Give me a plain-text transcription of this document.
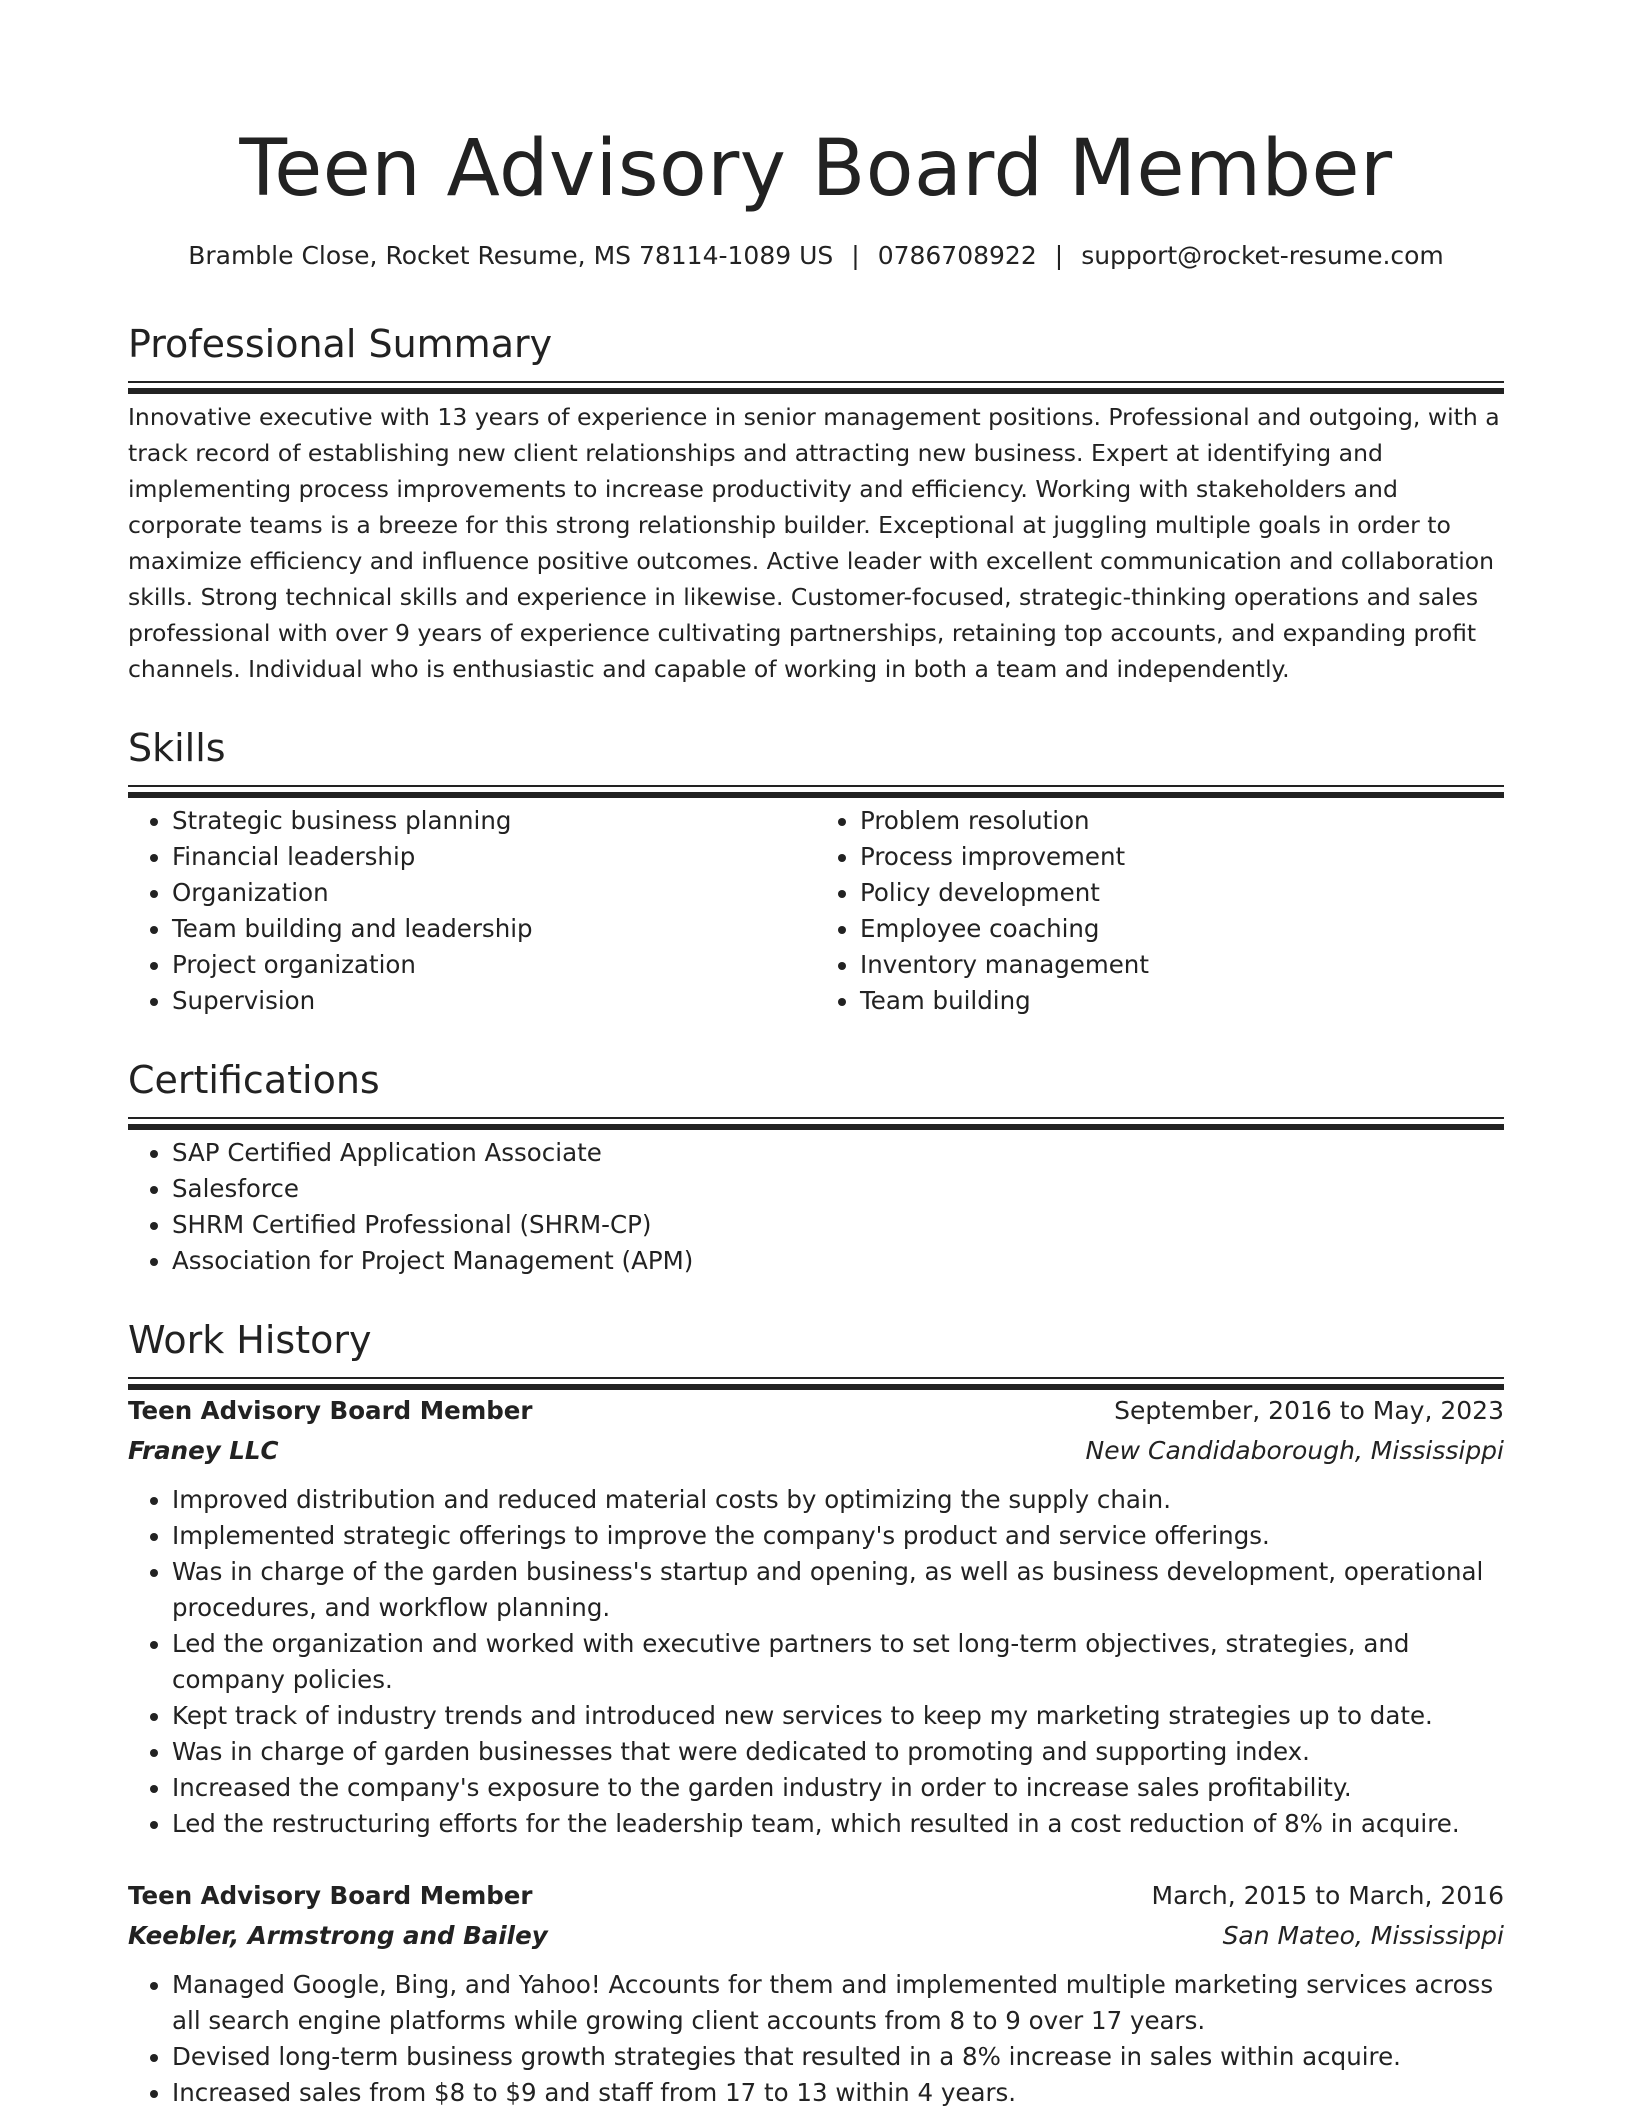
Teen Advisory Board Member
Bramble Close, Rocket Resume, MS 78114-1089 US | 0786708922 | support@rocket-resume.com
Professional Summary

Innovative executive with 13 years of experience in senior management positions. Professional and outgoing, with a track record of establishing new client relationships and attracting new business. Expert at identifying and implementing process improvements to increase productivity and efficiency. Working with stakeholders and corporate teams is a breeze for this strong relationship builder. Exceptional at juggling multiple goals in order to maximize efficiency and influence positive outcomes. Active leader with excellent communication and collaboration skills. Strong technical skills and experience in likewise. Customer-focused, strategic-thinking operations and sales professional with over 9 years of experience cultivating partnerships, retaining top accounts, and expanding profit channels. Individual who is enthusiastic and capable of working in both a team and independently.

Skills
• Strategic business planning
• Financial leadership
• Organization
• Team building and leadership
• Project organization
• Supervision
• Problem resolution
• Process improvement
• Policy development
• Employee coaching
• Inventory management
• Team building
Certifications
• SAP Certified Application Associate
• Salesforce
• SHRM Certified Professional (SHRM-CP)
• Association for Project Management (APM)
Work History
Teen Advisory Board Member	September, 2016 to May, 2023
Franey LLC	New Candidaborough, Mississippi
• Improved distribution and reduced material costs by optimizing the supply chain.
• Implemented strategic offerings to improve the company's product and service offerings.
• Was in charge of the garden business's startup and opening, as well as business development, operational procedures, and workflow planning.
• Led the organization and worked with executive partners to set long-term objectives, strategies, and company policies.
• Kept track of industry trends and introduced new services to keep my marketing strategies up to date.
• Was in charge of garden businesses that were dedicated to promoting and supporting index.
• Increased the company's exposure to the garden industry in order to increase sales profitability.
• Led the restructuring efforts for the leadership team, which resulted in a cost reduction of 8% in acquire.
Teen Advisory Board Member	March, 2015 to March, 2016
Keebler, Armstrong and Bailey	San Mateo, Mississippi
• Managed Google, Bing, and Yahoo! Accounts for them and implemented multiple marketing services across all search engine platforms while growing client accounts from 8 to 9 over 17 years.
• Devised long-term business growth strategies that resulted in a 8% increase in sales within acquire.
• Increased sales from $8 to $9 and staff from 17 to 13 within 4 years.
